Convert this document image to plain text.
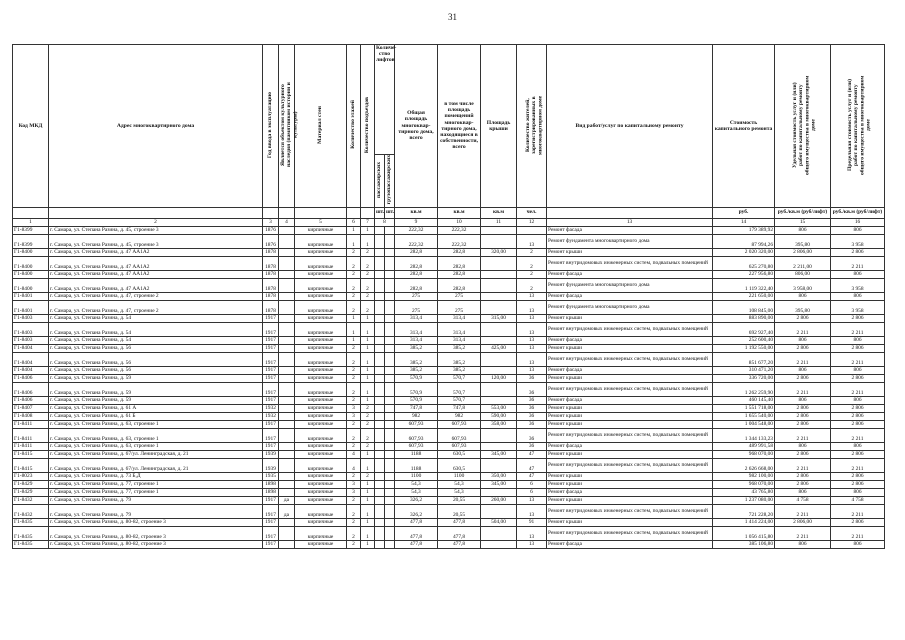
31
Код МКД	Адрес многоквартирного дома	Год ввода в эксплуатацию	Является объектом культурного наследия (памятником истории и культуры)	Материал стен	Количество этажей	Количество подъездов	Количе-ство лифтов		Общая площадь многоквар-тирного дома, всего	в том числе площадь помещений многоквар-тирного дома, находящиеся в собственности, всего	Площадь крыши	Количество жителей, зарегистрированных в многоквартирном доме	Вид работ/услуг по капитальному ремонту	Стоимость капитального ремонта	Удельная стоимость услуг и (или) работ по капитальному ремонту общего имущества в многоквартирном доме	Предельная стоимость услуг и (или) работ по капитальному ремонту общего имущества в многоквартирном доме
							пассажирских	грузопассажирских								
							шт.	шт.	кв.м	кв.м	кв.м	чел.		руб.	руб./кв.м (руб/лифт)	руб./кв.м (руб/лифт)
1	2	3	4	5	6	7	8		9	10	11	12	13	14	15	16
Г1-8399	г. Самара, ул. Степана Разина, д. 45, строение 3	1876		кирпичные	1	1			222,32	222,32			Ремонт фасада	179 389,92	806	806
Г1-8399	г. Самара, ул. Степана Разина, д. 45, строение 3	1876		кирпичные	1	1			222,32	222,32		13	Ремонт фундамента многоквартирного дома	87 994,26	395,80	3 958
Г1-8400	г. Самара, ул. Степана Разина, д. 47 АА1А2	1878		кирпичные	2	2			282,8	282,8	320,00	2	Ремонт крыши	2 020 320,00	2 806,00	2 806
Г1-8400	г. Самара, ул. Степана Разина, д. 47 АА1А2	1878		кирпичные	2	2			282,8	282,8		2	Ремонт внутридомовых инженерных систем, подвальных помещений	625 270,80	2 211,00	2 211
Г1-8400	г. Самара, ул. Степана Разина, д. 47 АА1А2	1878		кирпичные	2	2			282,8	282,8		2	Ремонт фасада	227 956,80	806,00	806
Г1-8400	г. Самара, ул. Степана Разина, д. 47 АА1А2	1878		кирпичные	2	2			282,8	282,8		2	Ремонт фундамента многоквартирного дома	1 119 322,40	3 958,00	3 958
Г1-8401	г. Самара, ул. Степана Разина, д. 47, строение 2	1878		кирпичные	2	2			275	275		13	Ремонт фасада	221 650,00	806	806
Г1-8401	г. Самара, ул. Степана Разина, д. 47, строение 2	1878		кирпичные	2	2			275	275		13	Ремонт фундамента многоквартирного дома	108 845,00	395,80	3 958
Г1-8403	г. Самара, ул. Степана Разина, д. 54	1917		кирпичные	1	1			313,4	313,4	315,00	13	Ремонт крыши	883 890,00	2 806	2 806
Г1-8403	г. Самара, ул. Степана Разина, д. 54	1917		кирпичные	1	1			313,4	313,4		13	Ремонт внутридомовых инженерных систем, подвальных помещений	692 927,40	2 211	2 211
Г1-8403	г. Самара, ул. Степана Разина, д. 54	1917		кирпичные	1	1			313,4	313,4		13	Ремонт фасада	252 600,40	806	806
Г1-8404	г. Самара, ул. Степана Разина, д. 56	1917		кирпичные	2	1			385,2	385,2	425,00	13	Ремонт крыши	1 192 550,00	2 806	2 806
Г1-8404	г. Самара, ул. Степана Разина, д. 56	1917		кирпичные	2	1			385,2	385,2		13	Ремонт внутридомовых инженерных систем, подвальных помещений	851 677,20	2 211	2 211
Г1-8404	г. Самара, ул. Степана Разина, д. 56	1917		кирпичные	2	1			385,2	385,2		13	Ремонт фасада	310 471,20	806	806
Г1-8406	г. Самара, ул. Степана Разина, д. 59	1917		кирпичные	2	1			570,9	570,7	120,00	36	Ремонт крыши	336 720,00	2 806	2 806
Г1-8406	г. Самара, ул. Степана Разина, д. 59	1917		кирпичные	2	1			570,9	570,7		36	Ремонт внутридомовых инженерных систем, подвальных помещений	1 262 259,90	2 211	2 211
Г1-8406	г. Самара, ул. Степана Разина, д. 59	1917		кирпичные	2	1			570,9	570,7		36	Ремонт фасада	460 145,40	806	806
Г1-8407	г. Самара, ул. Степана Разина, д. 61 А	1932		кирпичные	3	2			747,8	747,8	553,00	36	Ремонт крыши	1 551 718,00	2 806	2 806
Г1-8408	г. Самара, ул. Степана Разина, д. 61 Б	1932		кирпичные	3	2			982	982	590,00	36	Ремонт крыши	1 655 540,00	2 806	2 806
Г1-8411	г. Самара, ул. Степана Разина, д. 63, строение 1	1917		кирпичные	2	2			607,93	607,93	358,00	36	Ремонт крыши	1 004 548,00	2 806	2 806
Г1-8411	г. Самара, ул. Степана Разина, д. 63, строение 1	1917		кирпичные	2	2			607,93	607,93		36	Ремонт внутридомовых инженерных систем, подвальных помещений	1 344 133,23	2 211	2 211
Г1-8411	г. Самара, ул. Степана Разина, д. 63, строение 1	1917		кирпичные	2	2			607,93	607,93		36	Ремонт фасада	489 991,58	806	806
Г1-8415	г. Самара, ул. Степана Разина, д. 67/ул. Ленинградская, д. 21	1939		кирпичные	4	1			1188	630,5	345,00	47	Ремонт крыши	968 070,00	2 806	2 806
Г1-8415	г. Самара, ул. Степана Разина, д. 67/ул. Ленинградская, д. 21	1939		кирпичные	4	1			1188	630,5		47	Ремонт внутридомовых инженерных систем, подвальных помещений	2 626 668,00	2 211	2 211
Г1-8023	г. Самара, ул. Степана Разина, д. 73 Б,Д	1935		кирпичные	2	2			1100	1100	350,00	47	Ремонт крыши	982 100,00	2 806	2 806
Г1-8429	г. Самара, ул. Степана Разина, д. 77, строение 1	1898		кирпичные	3	1			54,3	54,3	345,00	6	Ремонт крыши	968 070,00	2 806	2 806
Г1-8429	г. Самара, ул. Степана Разина, д. 77, строение 1	1898		кирпичные	3	1			54,3	54,3		6	Ремонт фасада	43 765,80	806	806
Г1-8432	г. Самара, ул. Степана Разина, д. 79	1917	да	кирпичные	2	1			326,2	20,55	260,00	13	Ремонт крыши	1 237 080,00	4 758	4 758
Г1-8432	г. Самара, ул. Степана Разина, д. 79	1917	да	кирпичные	2	1			326,2	20,55		13	Ремонт внутридомовых инженерных систем, подвальных помещений	721 228,20	2 211	2 211
Г1-8435	г. Самара, ул. Степана Разина, д. 80-82, строение 3	1917		кирпичные	2	1			477,8	477,8	504,00	91	Ремонт крыши	1 414 224,00	2 806,00	2 806
Г1-8435	г. Самара, ул. Степана Разина, д. 80-82, строение 3	1917		кирпичные	2	1			477,8	477,8		13	Ремонт внутридомовых инженерных систем, подвальных помещений	1 056 415,80	2 211	2 211
Г1-8435	г. Самара, ул. Степана Разина, д. 80-82, строение 3	1917		кирпичные	2	1			477,8	477,8		13	Ремонт фасада	385 106,80	806	806
